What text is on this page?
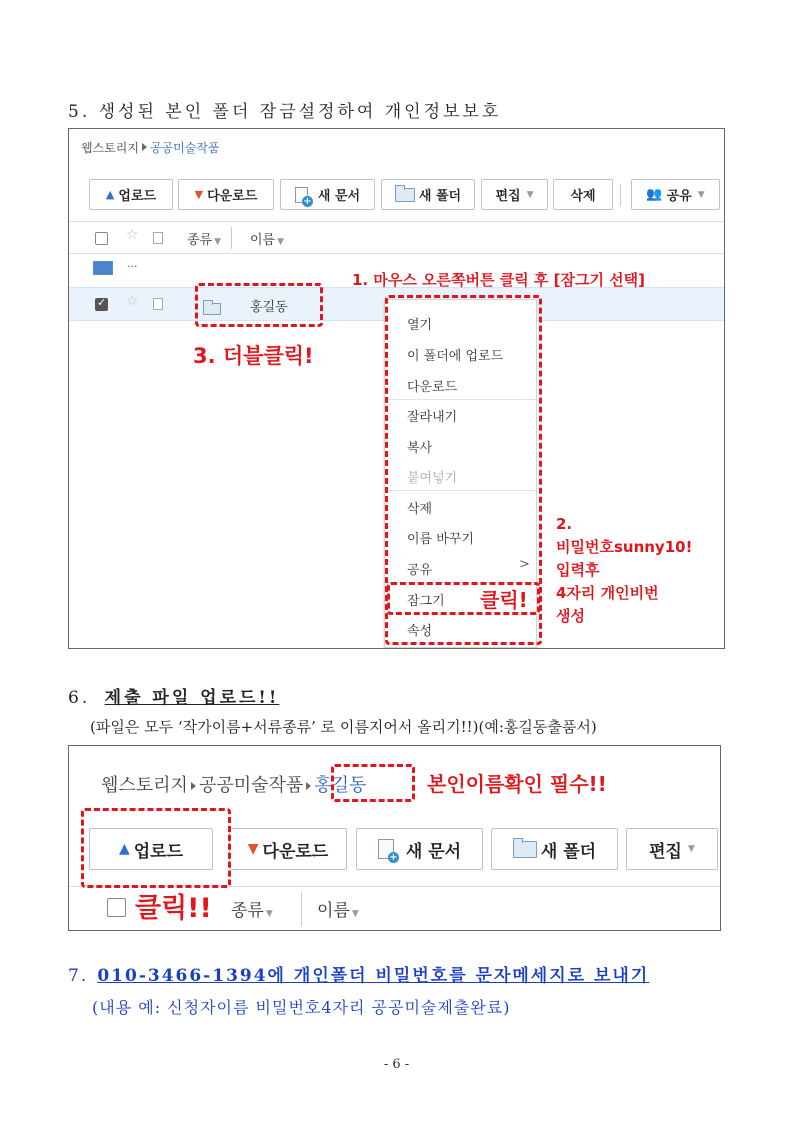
5. 생성된 본인 폴더 잠금설정하여 개인정보보호
웹스토리지 공공미술작품
▲ 업로드	▼ 다운로드 +	새 문서	새 폴더	편집 ▼	삭제	👥 공유 ▼
☆	종류 ▼ 이름 ▼
...
✓
☆	홍길동
열기
이 폴더에 업로드
다운로드
잘라내기
복사
붙여넣기
삭제
이름 바꾸기
공유	>
잠그기
속성
1. 마우스 오른쪽버튼 클릭 후 [잠그기 선택]
3. 더블클릭!
클릭!
2.
비밀번호sunny10!
입력후
4자리 개인비번
생성
6. 제출 파일 업로드!!
(파일은 모두 ‘작가이름+서류종류’ 로 이름지어서 올리기!!)(예:홍길동출품서)
웹스토리지 공공미술작품 홍길동
▲ 업로드	▼ 다운로드 +	새 문서	새 폴더	편집 ▼
종류 ▼	이름 ▼
본인이름확인 필수!!
클릭!!
7. 010-3466-1394에 개인폴더 비밀번호를 문자메세지로 보내기
(내용 예: 신청자이름 비밀번호4자리 공공미술제출완료)
- 6 -
